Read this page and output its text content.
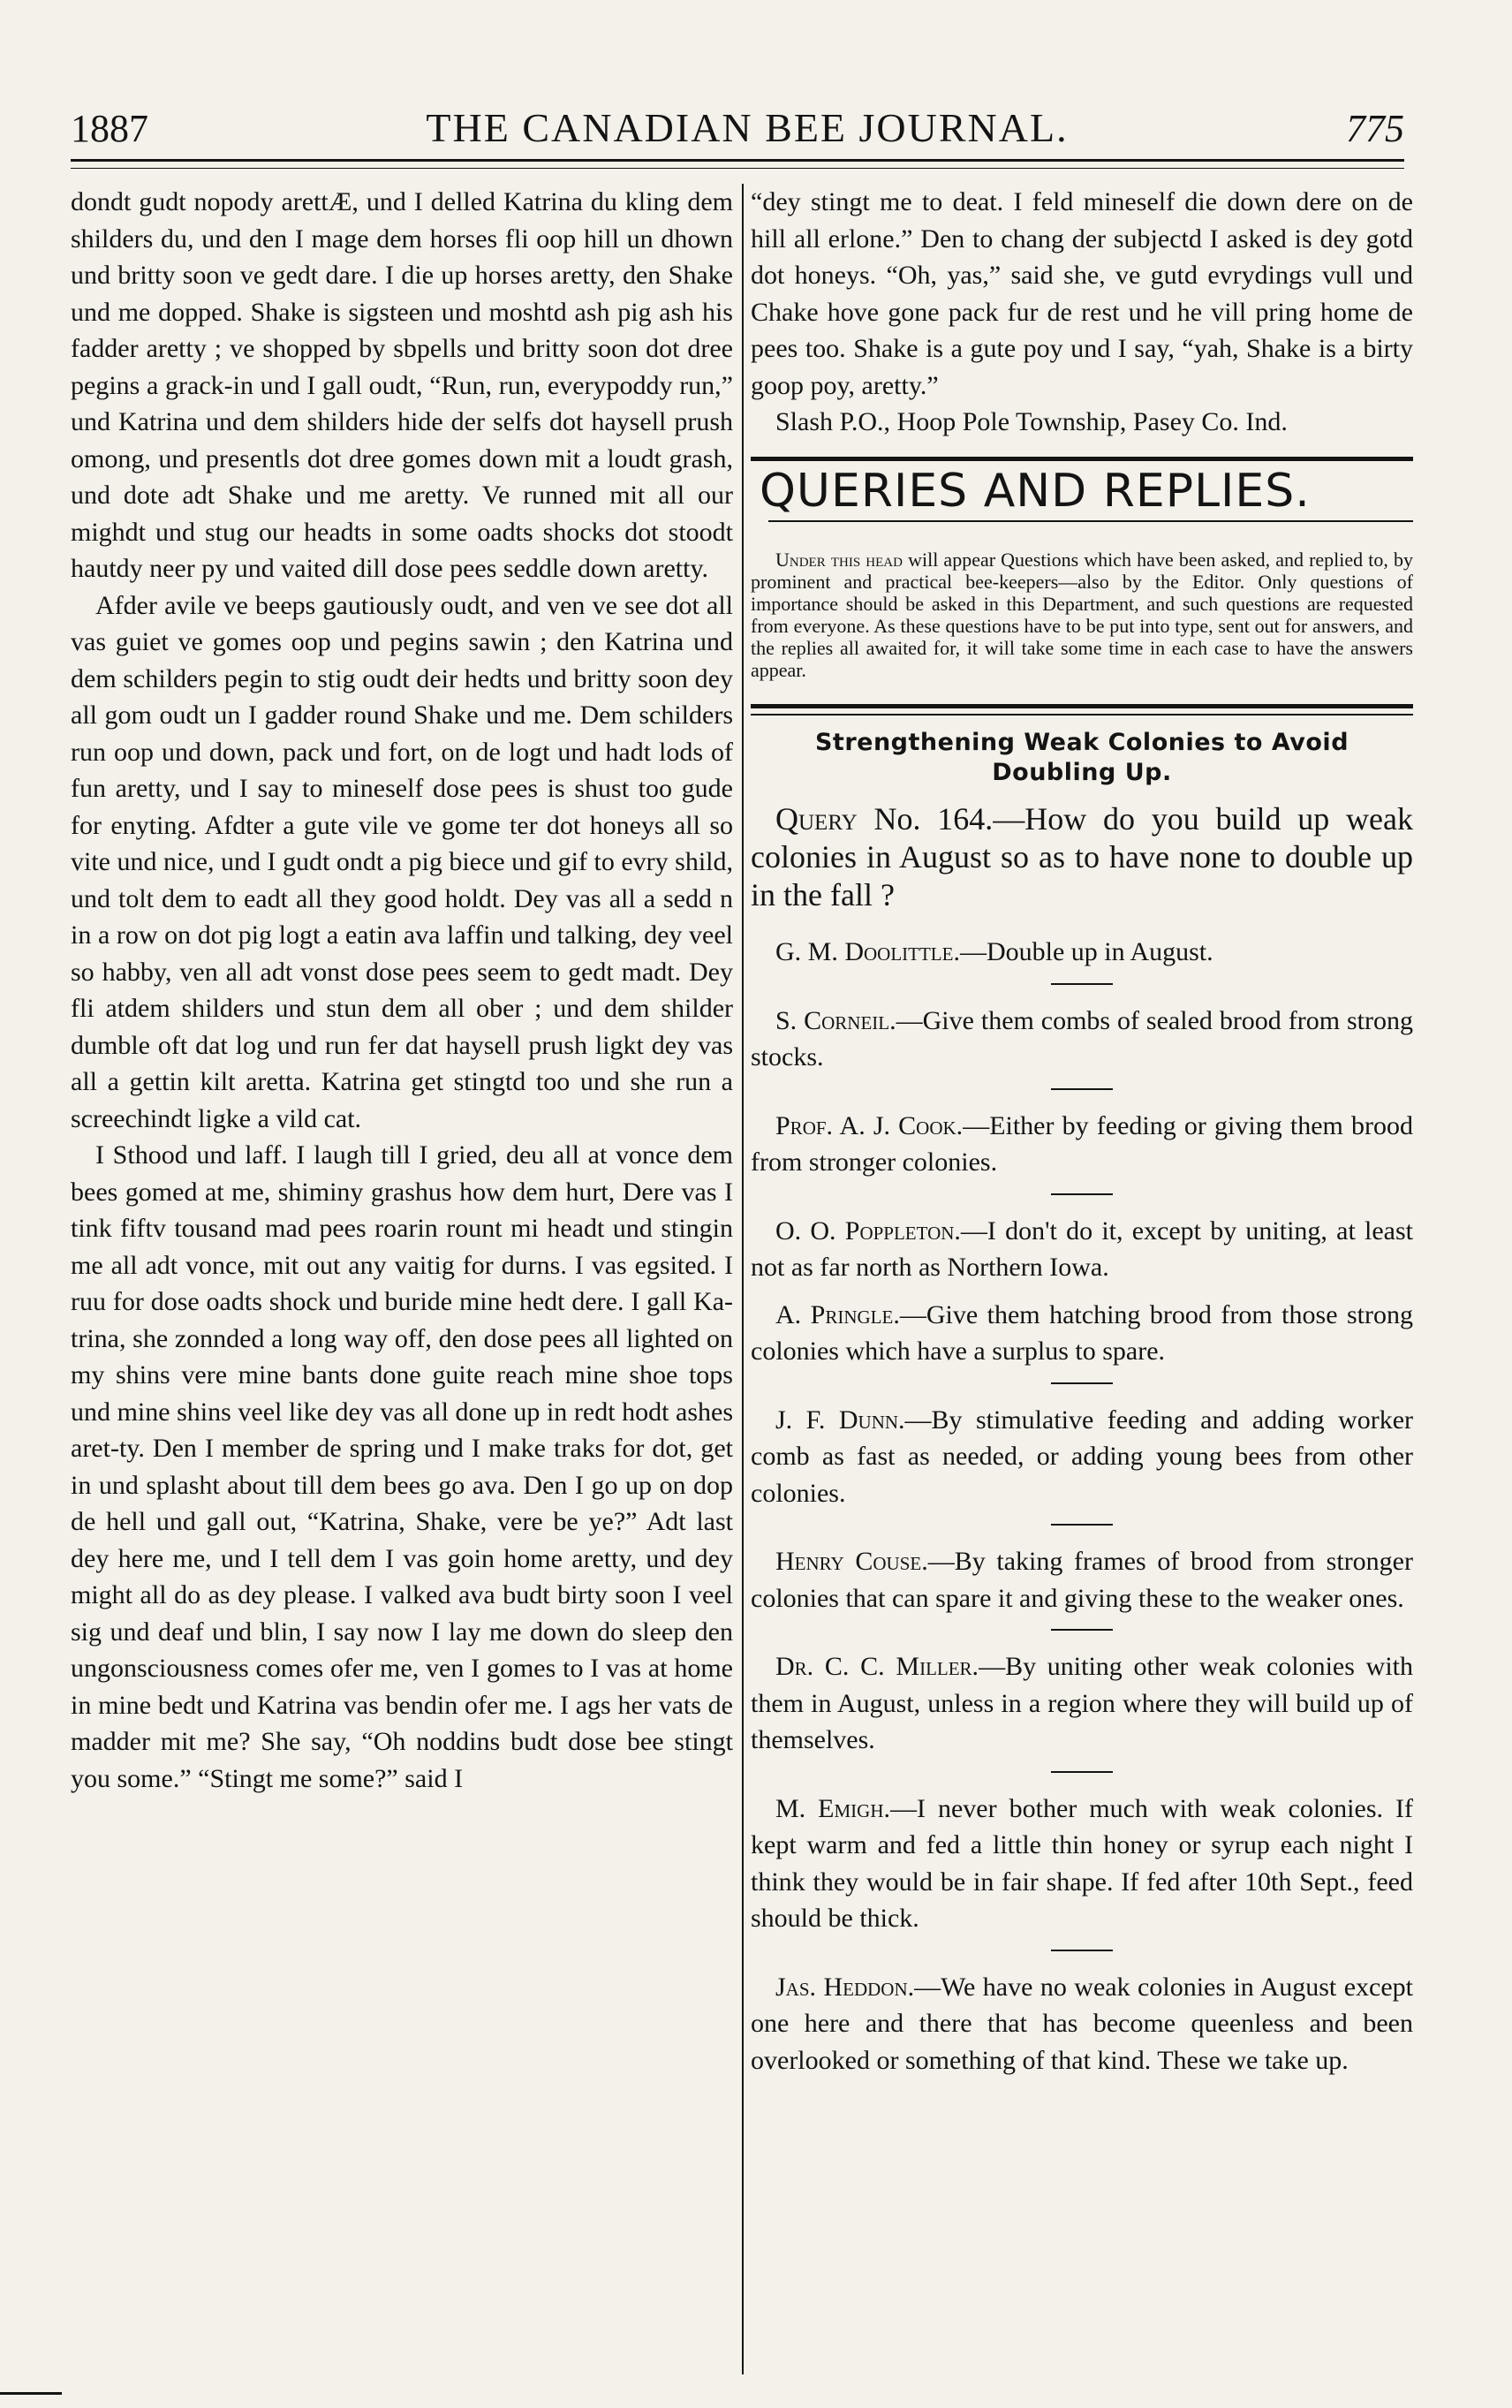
1887	THE CANADIAN BEE JOURNAL.	775

dondt gudt nopody arettÆ, und I delled Katrina du kling dem shilders du, und den I mage dem horses fli oop hill un dhown und britty soon ve gedt dare. I die up horses aretty, den Shake und me dopped. Shake is sigsteen und moshtd ash pig ash his fadder aretty ; ve shopped by sbpells und britty soon dot dree pegins a grack-in und I gall oudt, “Run, run, everypoddy run,” und Katrina und dem shilders hide der selfs dot haysell prush omong, und presentls dot dree gomes down mit a loudt grash, und dote adt Shake und me aretty. Ve runned mit all our mighdt und stug our headts in some oadts shocks dot stoodt hautdy neer py und vaited dill dose pees seddle down aretty.

Afder avile ve beeps gautiously oudt, and ven ve see dot all vas guiet ve gomes oop und pegins sawin ; den Katrina und dem schilders pegin to stig oudt deir hedts und britty soon dey all gom oudt un I gadder round Shake und me. Dem schilders run oop und down, pack und fort, on de logt und hadt lods of fun aretty, und I say to mineself dose pees is shust too gude for enyting. Afdter a gute vile ve gome ter dot honeys all so vite und nice, und I gudt ondt a pig biece und gif to evry shild, und tolt dem to eadt all they good holdt. Dey vas all a sedd n in a row on dot pig logt a eatin ava laffin und talking, dey veel so habby, ven all adt vonst dose pees seem to gedt madt. Dey fli atdem shilders und stun dem all ober ; und dem shilder dumble oft dat log und run fer dat haysell prush ligkt dey vas all a gettin kilt aretta. Katrina get stingtd too und she run a screechindt ligke a vild cat.

I Sthood und laff. I laugh till I gried, deu all at vonce dem bees gomed at me, shiminy grashus how dem hurt, Dere vas I tink fiftv tousand mad pees roarin rount mi headt und stingin me all adt vonce, mit out any vaitig for durns. I vas egsited. I ruu for dose oadts shock und buride mine hedt dere. I gall Ka-trina, she zonnded a long way off, den dose pees all lighted on my shins vere mine bants done guite reach mine shoe tops und mine shins veel like dey vas all done up in redt hodt ashes aret-ty. Den I member de spring und I make traks for dot, get in und splasht about till dem bees go ava. Den I go up on dop de hell und gall out, “Katrina, Shake, vere be ye?” Adt last dey here me, und I tell dem I vas goin home aretty, und dey might all do as dey please. I valked ava budt birty soon I veel sig und deaf und blin, I say now I lay me down do sleep den ungonsciousness comes ofer me, ven I gomes to I vas at home in mine bedt und Katrina vas bendin ofer me. I ags her vats de madder mit me? She say, “Oh noddins budt dose bee stingt you some.” “Stingt me some?” said I

“dey stingt me to deat. I feld mineself die down dere on de hill all erlone.” Den to chang der subjectd I asked is dey gotd dot honeys. “Oh, yas,” said she, ve gutd evrydings vull und Chake hove gone pack fur de rest und he vill pring home de pees too. Shake is a gute poy und I say, “yah, Shake is a birty goop poy, aretty.”

Slash P.O., Hoop Pole Township, Pasey Co. Ind.

QUERIES AND REPLIES.

Under this head will appear Questions which have been asked, and replied to, by prominent and practical bee-keepers—also by the Editor. Only questions of importance should be asked in this Department, and such questions are requested from everyone. As these questions have to be put into type, sent out for answers, and the replies all awaited for, it will take some time in each case to have the answers appear.

Strengthening Weak Colonies to Avoid Doubling Up.

Query No. 164.—How do you build up weak colonies in August so as to have none to double up in the fall ?

G. M. Doolittle.—Double up in August.

S. Corneil.—Give them combs of sealed brood from strong stocks.

Prof. A. J. Cook.—Either by feeding or giving them brood from stronger colonies.

O. O. Poppleton.—I don't do it, except by uniting, at least not as far north as Northern Iowa.

A. Pringle.—Give them hatching brood from those strong colonies which have a surplus to spare.

J. F. Dunn.—By stimulative feeding and adding worker comb as fast as needed, or adding young bees from other colonies.

Henry Couse.—By taking frames of brood from stronger colonies that can spare it and giving these to the weaker ones.

Dr. C. C. Miller.—By uniting other weak colonies with them in August, unless in a region where they will build up of themselves.

M. Emigh.—I never bother much with weak colonies. If kept warm and fed a little thin honey or syrup each night I think they would be in fair shape. If fed after 10th Sept., feed should be thick.

Jas. Heddon.—We have no weak colonies in August except one here and there that has become queenless and been overlooked or something of that kind. These we take up.
